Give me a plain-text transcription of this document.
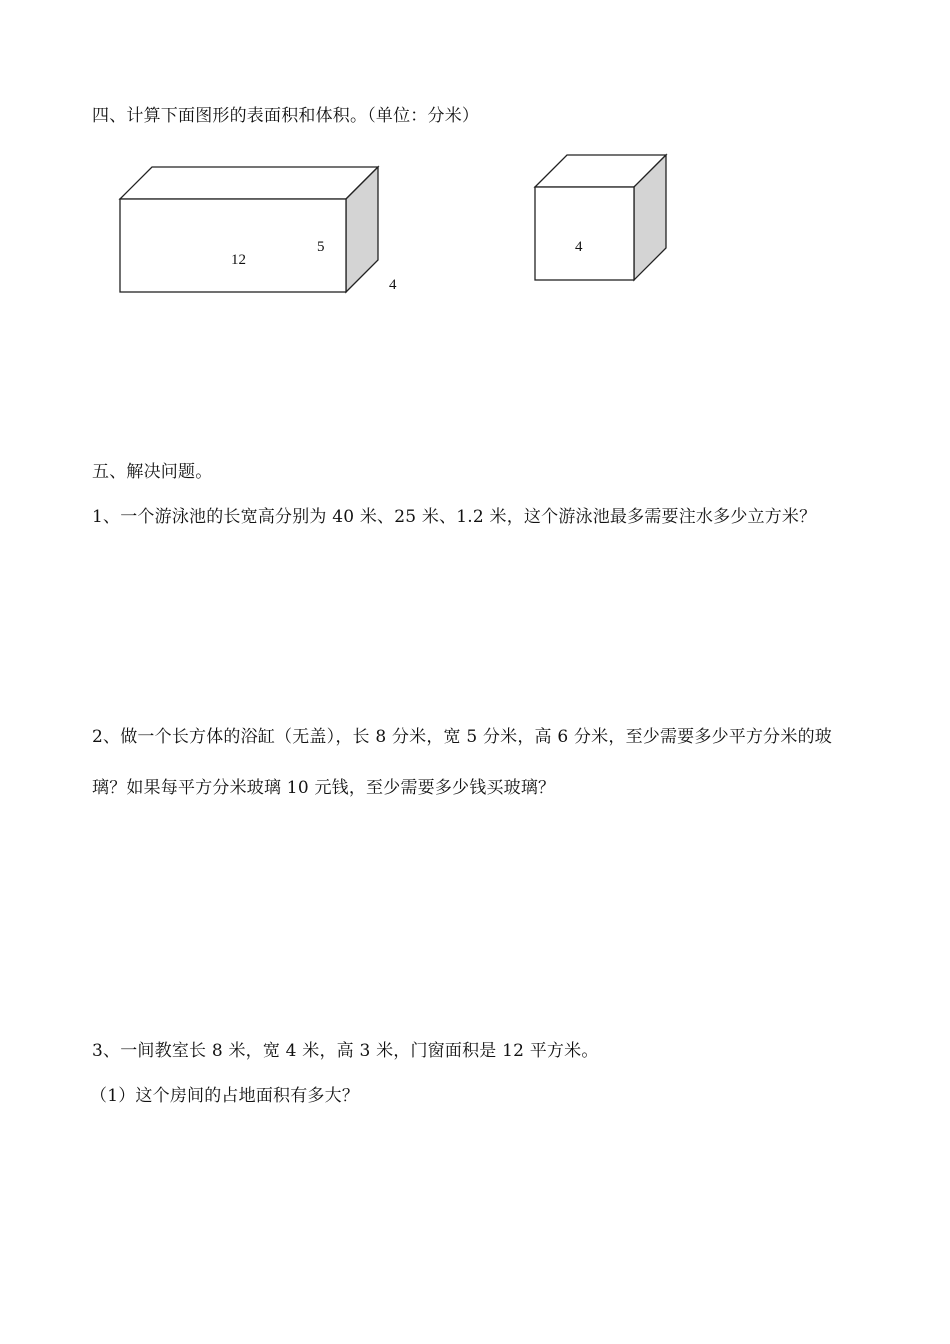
四、计算下面图形的表面积和体积。（单位：分米）
12
5
4
4
五、解决问题。
1、一个游泳池的长宽高分别为 40 米、25 米、1.2 米，这个游泳池最多需要注水多少立方米？
2、做一个长方体的浴缸（无盖），长 8 分米，宽 5 分米，高 6 分米，至少需要多少平方分米的玻
璃？如果每平方分米玻璃 10 元钱，至少需要多少钱买玻璃？
3、一间教室长 8 米，宽 4 米，高 3 米，门窗面积是 12 平方米。
（1）这个房间的占地面积有多大？
